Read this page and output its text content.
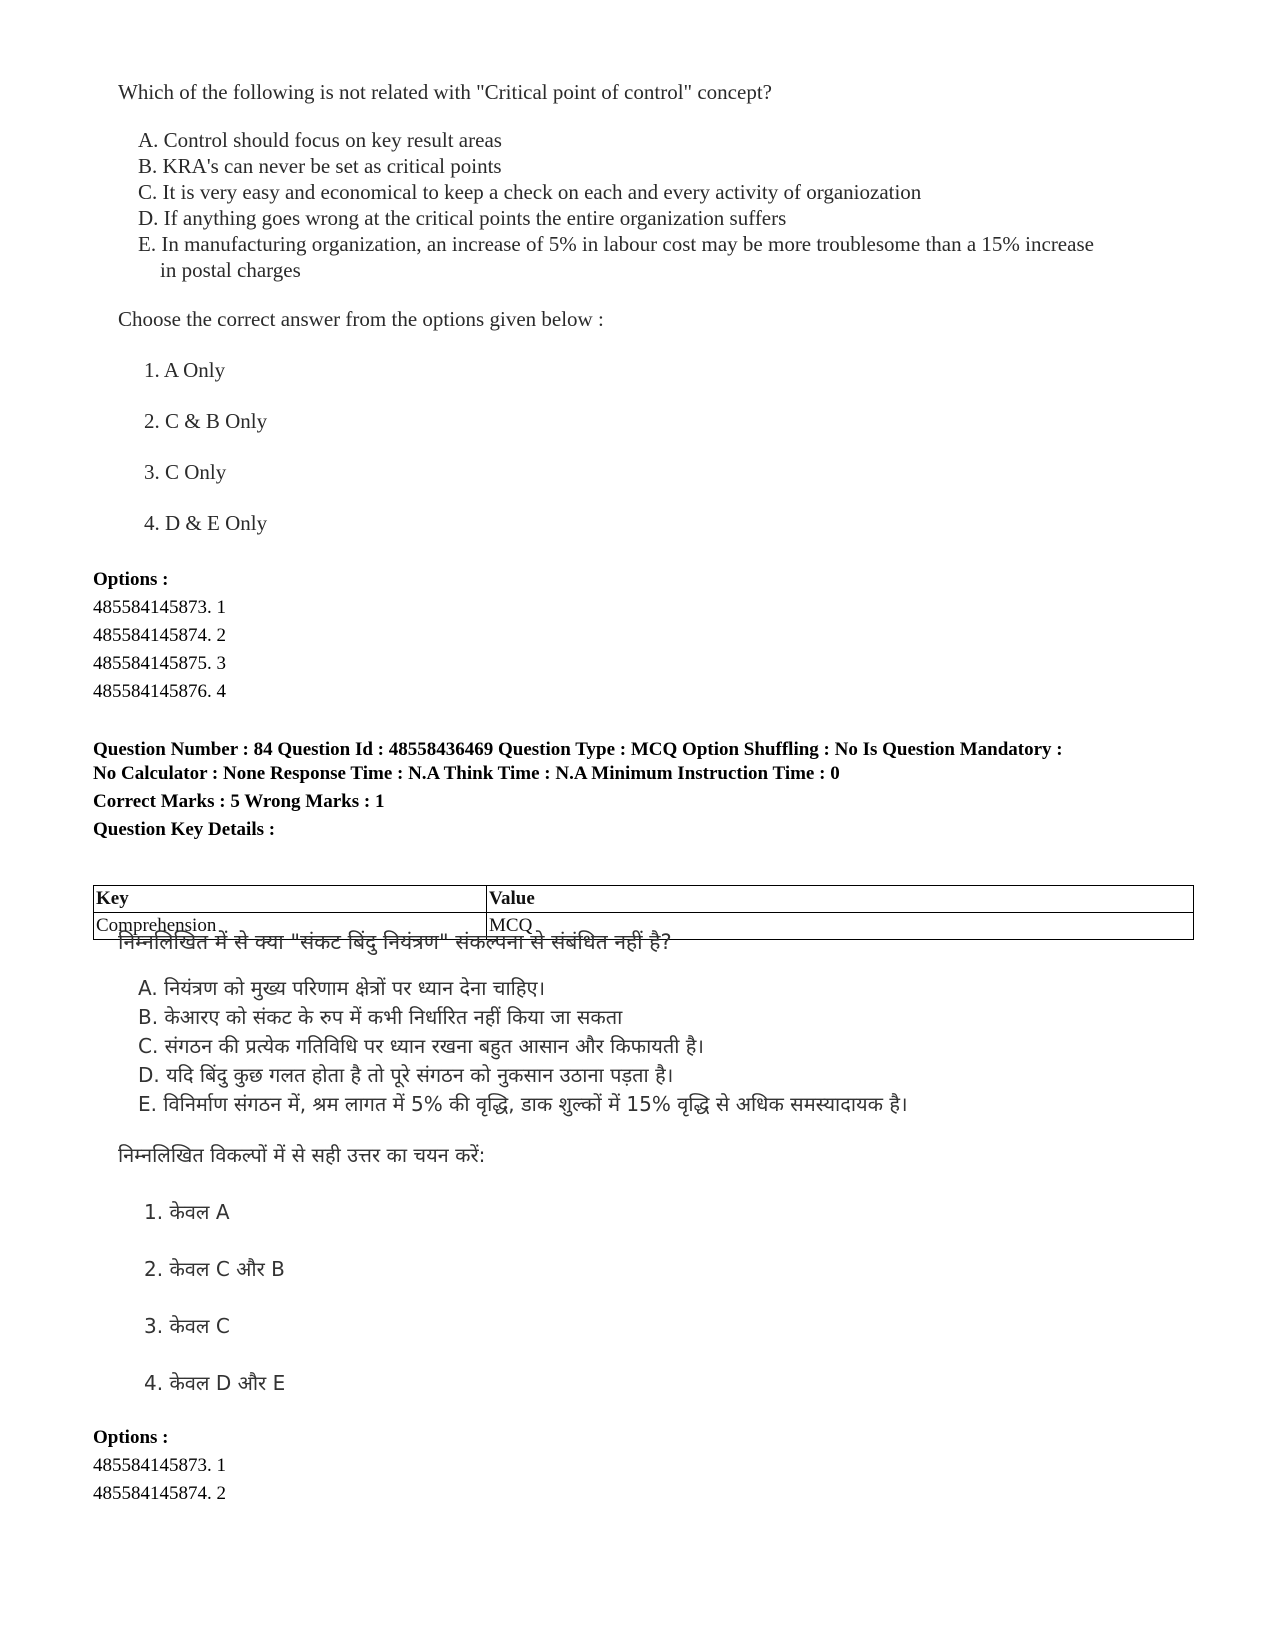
Which of the following is not related with "Critical point of control" concept?

A. Control should focus on key result areas
B. KRA's can never be set as critical points
C. It is very easy and economical to keep a check on each and every activity of organiozation
D. If anything goes wrong at the critical points the entire organization suffers
E. In manufacturing organization, an increase of 5% in labour cost may be more troublesome than a 15% increase in postal charges

Choose the correct answer from the options given below :

1. A Only

2. C & B Only

3. C Only

4. D & E Only

Options :
485584145873. 1
485584145874. 2
485584145875. 3
485584145876. 4
Question Number : 84 Question Id : 48558436469 Question Type : MCQ Option Shuffling : No Is Question Mandatory :
No Calculator : None Response Time : N.A Think Time : N.A Minimum Instruction Time : 0
Correct Marks : 5 Wrong Marks : 1
Question Key Details :
Key	Value
Comprehension	MCQ

निम्नलिखित में से क्या "संकट बिंदु नियंत्रण" संकल्पना से संबंधित नहीं है?

A. नियंत्रण को मुख्य परिणाम क्षेत्रों पर ध्यान देना चाहिए।
B. केआरए को संकट के रुप में कभी निर्धारित नहीं किया जा सकता
C. संगठन की प्रत्येक गतिविधि पर ध्यान रखना बहुत आसान और किफायती है।
D. यदि बिंदु कुछ गलत होता है तो पूरे संगठन को नुकसान उठाना पड़ता है।
E. विनिर्माण संगठन में, श्रम लागत में 5% की वृद्धि, डाक शुल्कों में 15% वृद्धि से अधिक समस्यादायक है।

निम्नलिखित विकल्पों में से सही उत्तर का चयन करें:

1. केवल A

2. केवल C और B

3. केवल C

4. केवल D और E

Options :
485584145873. 1
485584145874. 2
